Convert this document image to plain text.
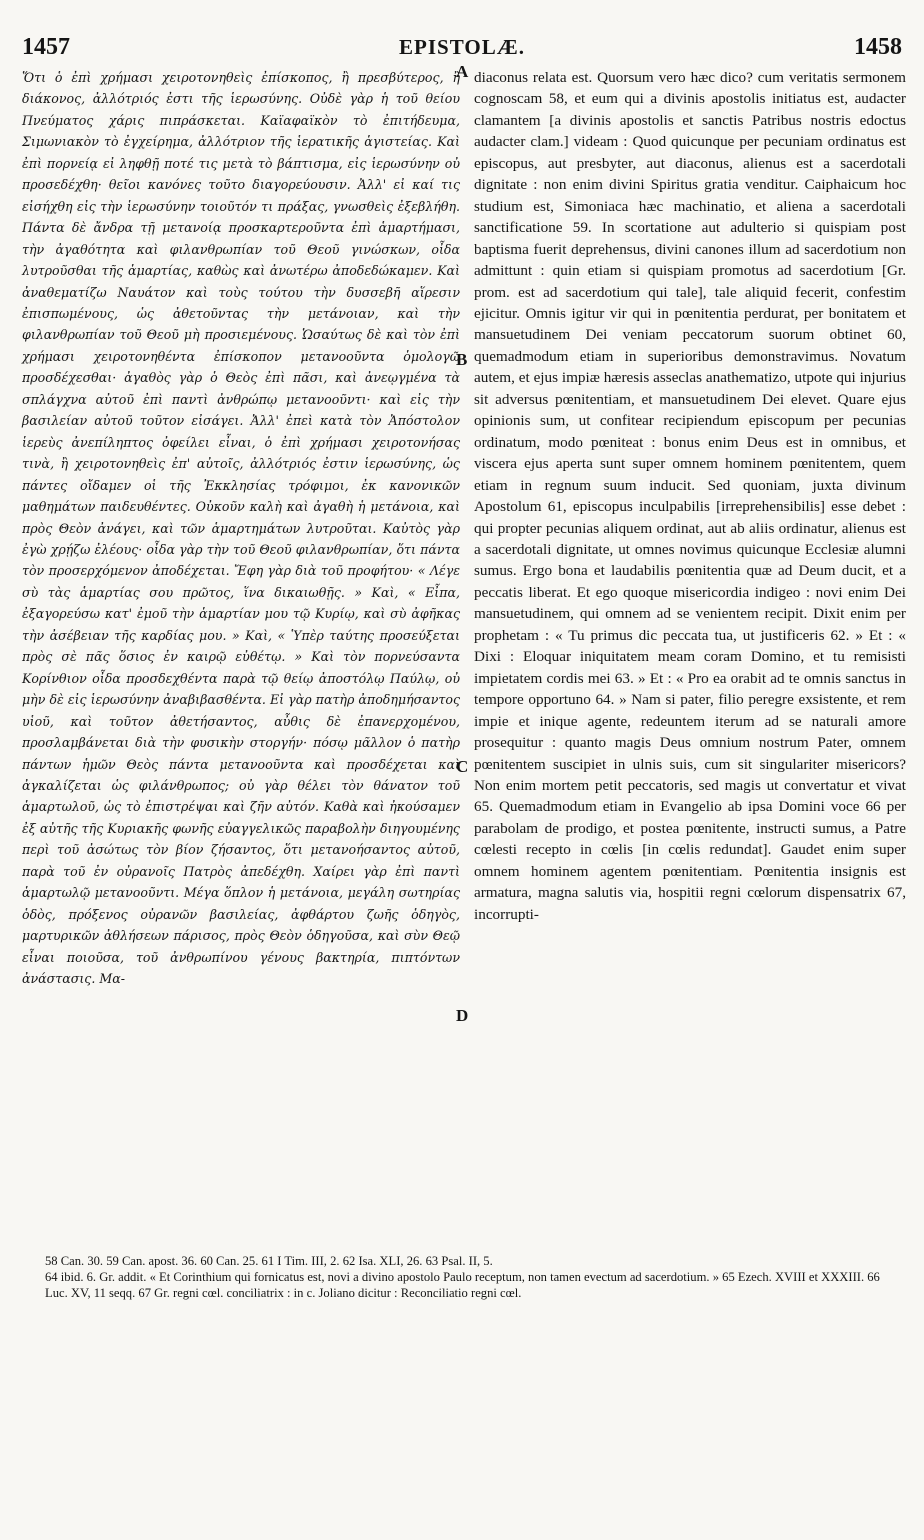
1457	EPISTOLÆ.	1458

Ὅτι ὁ ἐπὶ χρήμασι χειροτονηθεὶς ἐπίσκοπος, ἢ πρεσβύτερος, ἢ διάκονος, ἀλλότριός ἐστι τῆς ἱερωσύνης. Οὐδὲ γὰρ ἡ τοῦ θείου Πνεύματος χάρις πιπράσκεται. Καϊαφαϊκὸν τὸ ἐπιτήδευμα, Σιμωνιακὸν τὸ ἐγχείρημα, ἀλλότριον τῆς ἱερατικῆς ἁγιστείας. Καὶ ἐπὶ πορνείᾳ εἰ ληφθῇ ποτέ τις μετὰ τὸ βάπτισμα, εἰς ἱερωσύνην οὐ προσεδέχθη· θεῖοι κανόνες τοῦτο διαγορεύουσιν. Ἀλλ' εἰ καί τις εἰσήχθη εἰς τὴν ἱερωσύνην τοιοῦτόν τι πράξας, γνωσθεὶς ἐξεβλήθη. Πάντα δὲ ἄνδρα τῇ μετανοίᾳ προσκαρτεροῦντα ἐπὶ ἁμαρτήμασι, τὴν ἀγαθότητα καὶ φιλανθρωπίαν τοῦ Θεοῦ γινώσκων, οἶδα λυτροῦσθαι τῆς ἁμαρτίας, καθὼς καὶ ἀνωτέρω ἀποδεδώκαμεν. Καὶ ἀναθεματίζω Ναυάτον καὶ τοὺς τούτου τὴν δυσσεβῆ αἵρεσιν ἐπισπωμένους, ὡς ἀθετοῦντας τὴν μετάνοιαν, καὶ τὴν φιλανθρωπίαν τοῦ Θεοῦ μὴ προσιεμένους. Ὡσαύτως δὲ καὶ τὸν ἐπὶ χρήμασι χειροτονηθέντα ἐπίσκοπον μετανοοῦντα ὁμολογῶ προσδέχεσθαι· ἀγαθὸς γὰρ ὁ Θεὸς ἐπὶ πᾶσι, καὶ ἀνεῳγμένα τὰ σπλάγχνα αὐτοῦ ἐπὶ παντὶ ἀνθρώπῳ μετανοοῦντι· καὶ εἰς τὴν βασιλείαν αὐτοῦ τοῦτον εἰσάγει. Ἀλλ' ἐπεὶ κατὰ τὸν Ἀπόστολον ἱερεὺς ἀνεπίληπτος ὀφείλει εἶναι, ὁ ἐπὶ χρήμασι χειροτονήσας τινὰ, ἢ χειροτονηθεὶς ἐπ' αὐτοῖς, ἀλλότριός ἐστιν ἱερωσύνης, ὡς πάντες οἴδαμεν οἱ τῆς Ἐκκλησίας τρόφιμοι, ἐκ κανονικῶν μαθημάτων παιδευθέντες. Οὐκοῦν καλὴ καὶ ἀγαθὴ ἡ μετάνοια, καὶ πρὸς Θεὸν ἀνάγει, καὶ τῶν ἁμαρτημάτων λυτροῦται. Καὐτὸς γὰρ ἐγὼ χρῄζω ἐλέους· οἶδα γὰρ τὴν τοῦ Θεοῦ φιλανθρωπίαν, ὅτι πάντα τὸν προσερχόμενον ἀποδέχεται. Ἔφη γὰρ διὰ τοῦ προφήτου· « Λέγε σὺ τὰς ἁμαρτίας σου πρῶτος, ἵνα δικαιωθῇς. » Καὶ, « Εἶπα, ἐξαγορεύσω κατ' ἐμοῦ τὴν ἁμαρτίαν μου τῷ Κυρίῳ, καὶ σὺ ἀφῆκας τὴν ἀσέβειαν τῆς καρδίας μου. » Καὶ, « Ὑπὲρ ταύτης προσεύξεται πρὸς σὲ πᾶς ὅσιος ἐν καιρῷ εὐθέτῳ. » Καὶ τὸν πορνεύσαντα Κορίνθιον οἶδα προσδεχθέντα παρὰ τῷ θείῳ ἀποστόλῳ Παύλῳ, οὐ μὴν δὲ εἰς ἱερωσύνην ἀναβιβασθέντα. Εἰ γὰρ πατὴρ ἀποδημήσαντος υἱοῦ, καὶ τοῦτον ἀθετήσαντος, αὖθις δὲ ἐπανερχομένου, προσλαμβάνεται διὰ τὴν φυσικὴν στοργήν· πόσῳ μᾶλλον ὁ πατὴρ πάντων ἡμῶν Θεὸς πάντα μετανοοῦντα καὶ προσδέχεται καὶ ἀγκαλίζεται ὡς φιλάνθρωπος; οὐ γὰρ θέλει τὸν θάνατον τοῦ ἁμαρτωλοῦ, ὡς τὸ ἐπιστρέψαι καὶ ζῆν αὐτόν. Καθὰ καὶ ἠκούσαμεν ἐξ αὐτῆς τῆς Κυριακῆς φωνῆς εὐαγγελικῶς παραβολὴν διηγουμένης περὶ τοῦ ἀσώτως τὸν βίον ζήσαντος, ὅτι μετανοήσαντος αὐτοῦ, παρὰ τοῦ ἐν οὐρανοῖς Πατρὸς ἀπεδέχθη. Χαίρει γὰρ ἐπὶ παντὶ ἁμαρτωλῷ μετανοοῦντι. Μέγα ὅπλον ἡ μετάνοια, μεγάλη σωτηρίας ὁδὸς, πρόξενος οὐρανῶν βασιλείας, ἀφθάρτου ζωῆς ὁδηγὸς, μαρτυρικῶν ἀθλήσεων πάρισος, πρὸς Θεὸν ὁδηγοῦσα, καὶ σὺν Θεῷ εἶναι ποιοῦσα, τοῦ ἀνθρωπίνου γένους βακτηρία, πιπτόντων ἀνάστασις. Μα-

diaconus relata est. Quorsum vero hæc dico? cum veritatis sermonem cognoscam 58, et eum qui a divinis apostolis initiatus est, audacter clamantem [a divinis apostolis et sanctis Patribus nostris edoctus audacter clam.] videam : Quod quicunque per pecuniam ordinatus est episcopus, aut presbyter, aut diaconus, alienus est a sacerdotali dignitate : non enim divini Spiritus gratia venditur. Caiphaicum hoc studium est, Simoniaca hæc machinatio, et aliena a sacerdotali sanctificatione 59. In scortatione aut adulterio si quispiam post baptisma fuerit deprehensus, divini canones illum ad sacerdotium non admittunt : quin etiam si quispiam promotus ad sacerdotium [Gr. prom. est ad sacerdotium qui tale], tale aliquid fecerit, confestim ejicitur. Omnis igitur vir qui in pœnitentia perdurat, per bonitatem et mansuetudinem Dei veniam peccatorum suorum obtinet 60, quemadmodum etiam in superioribus demonstravimus. Novatum autem, et ejus impiæ hæresis asseclas anathematizo, utpote qui injurius sit adversus pœnitentiam, et mansuetudinem Dei elevet. Quare ejus opinionis sum, ut confitear recipiendum episcopum per pecunias ordinatum, modo pœniteat : bonus enim Deus est in omnibus, et viscera ejus aperta sunt super omnem hominem pœnitentem, quem etiam in regnum suum inducit. Sed quoniam, juxta divinum Apostolum 61, episcopus inculpabilis [irreprehensibilis] esse debet : qui propter pecunias aliquem ordinat, aut ab aliis ordinatur, alienus est a sacerdotali dignitate, ut omnes novimus quicunque Ecclesiæ alumni sumus. Ergo bona et laudabilis pœnitentia quæ ad Deum ducit, et a peccatis liberat. Et ego quoque misericordia indigeo : novi enim Dei mansuetudinem, qui omnem ad se venientem recipit. Dixit enim per prophetam : « Tu primus dic peccata tua, ut justificeris 62. » Et : « Dixi : Eloquar iniquitatem meam coram Domino, et tu remisisti impietatem cordis mei 63. » Et : « Pro ea orabit ad te omnis sanctus in tempore opportuno 64. » Nam si pater, filio peregre exsistente, et rem impie et inique agente, redeuntem iterum ad se naturali amore prosequitur : quanto magis Deus omnium nostrum Pater, omnem pœnitentem suscipiet in ulnis suis, cum sit singulariter misericors? Non enim mortem petit peccatoris, sed magis ut convertatur et vivat 65. Quemadmodum etiam in Evangelio ab ipsa Domini voce 66 per parabolam de prodigo, et postea pœnitente, instructi sumus, a Patre cœlesti recepto in cœlis [in cœlis redundat]. Gaudet enim super omnem hominem agentem pœnitentiam. Pœnitentia insignis est armatura, magna salutis via, hospitii regni cœlorum dispensatrix 67, incorrupti-

A
B
C
D

58 Can. 30. 59 Can. apost. 36. 60 Can. 25. 61 I Tim. III, 2. 62 Isa. XLI, 26. 63 Psal. II, 5.

64 ibid. 6. Gr. addit. « Et Corinthium qui fornicatus est, novi a divino apostolo Paulo receptum, non tamen evectum ad sacerdotium. » 65 Ezech. XVIII et XXXIII. 66 Luc. XV, 11 seqq. 67 Gr. regni cœl. conciliatrix : in c. Joliano dicitur : Reconciliatio regni cœl.
